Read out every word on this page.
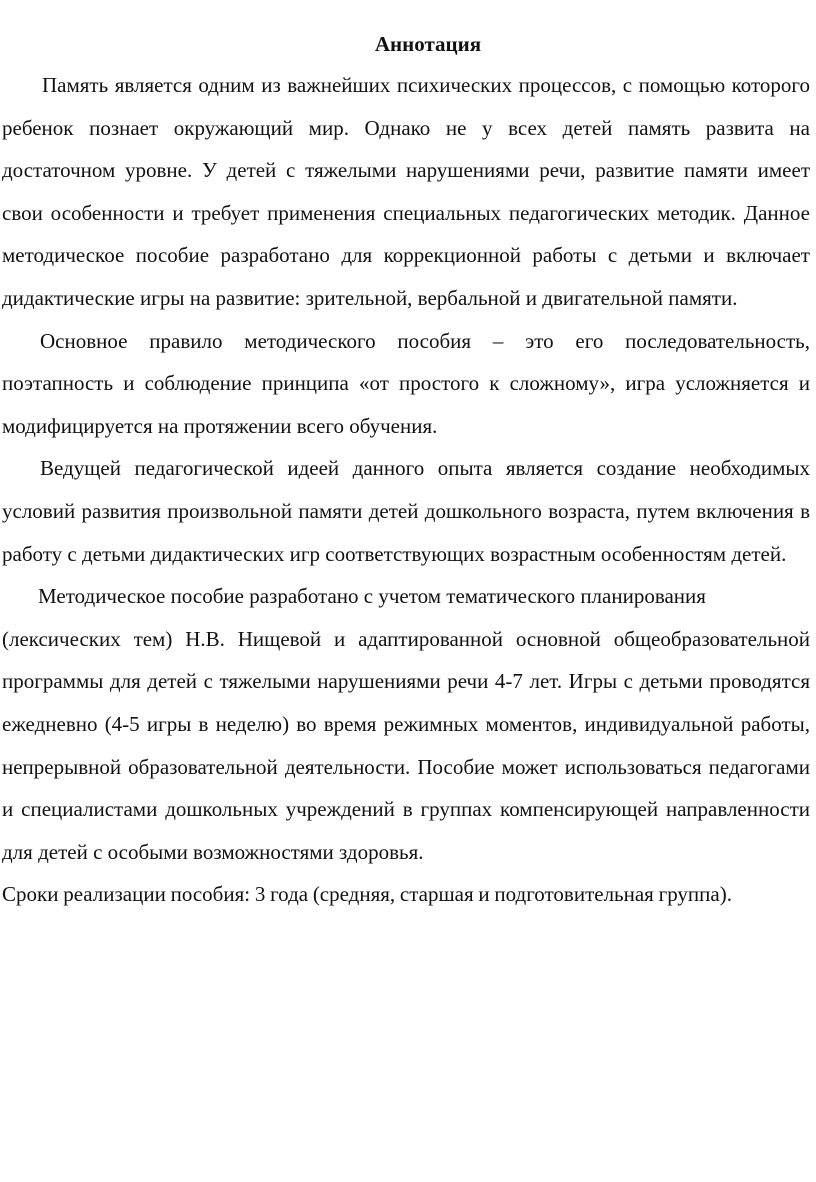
Аннотация

Память является одним из важнейших психических процессов, с помощью которого ребенок познает окружающий мир. Однако не у всех детей память развита на достаточном уровне. У детей с тяжелыми нарушениями речи, развитие памяти имеет свои особенности и требует применения специальных педагогических методик. Данное методическое пособие разработано для коррекционной работы с детьми и включает дидактические игры на развитие: зрительной, вербальной и двигательной памяти.

Основное правило методического пособия – это его последовательность, поэтапность и соблюдение принципа «от простого к сложному», игра усложняется и модифицируется на протяжении всего обучения.

Ведущей педагогической идеей данного опыта является создание необходимых условий развития произвольной памяти детей дошкольного возраста, путем включения в работу с детьми дидактических игр соответствующих возрастным особенностям детей.

Методическое пособие разработано с учетом тематического планирования
(лексических тем) Н.В. Нищевой и адаптированной основной общеобразовательной программы для детей с тяжелыми нарушениями речи 4-7 лет. Игры с детьми проводятся ежедневно (4-5 игры в неделю) во время режимных моментов, индивидуальной работы, непрерывной образовательной деятельности. Пособие может использоваться педагогами и специалистами дошкольных учреждений в группах компенсирующей направленности для детей с особыми возможностями здоровья.

Сроки реализации пособия: 3 года (средняя, старшая и подготовительная группа).
